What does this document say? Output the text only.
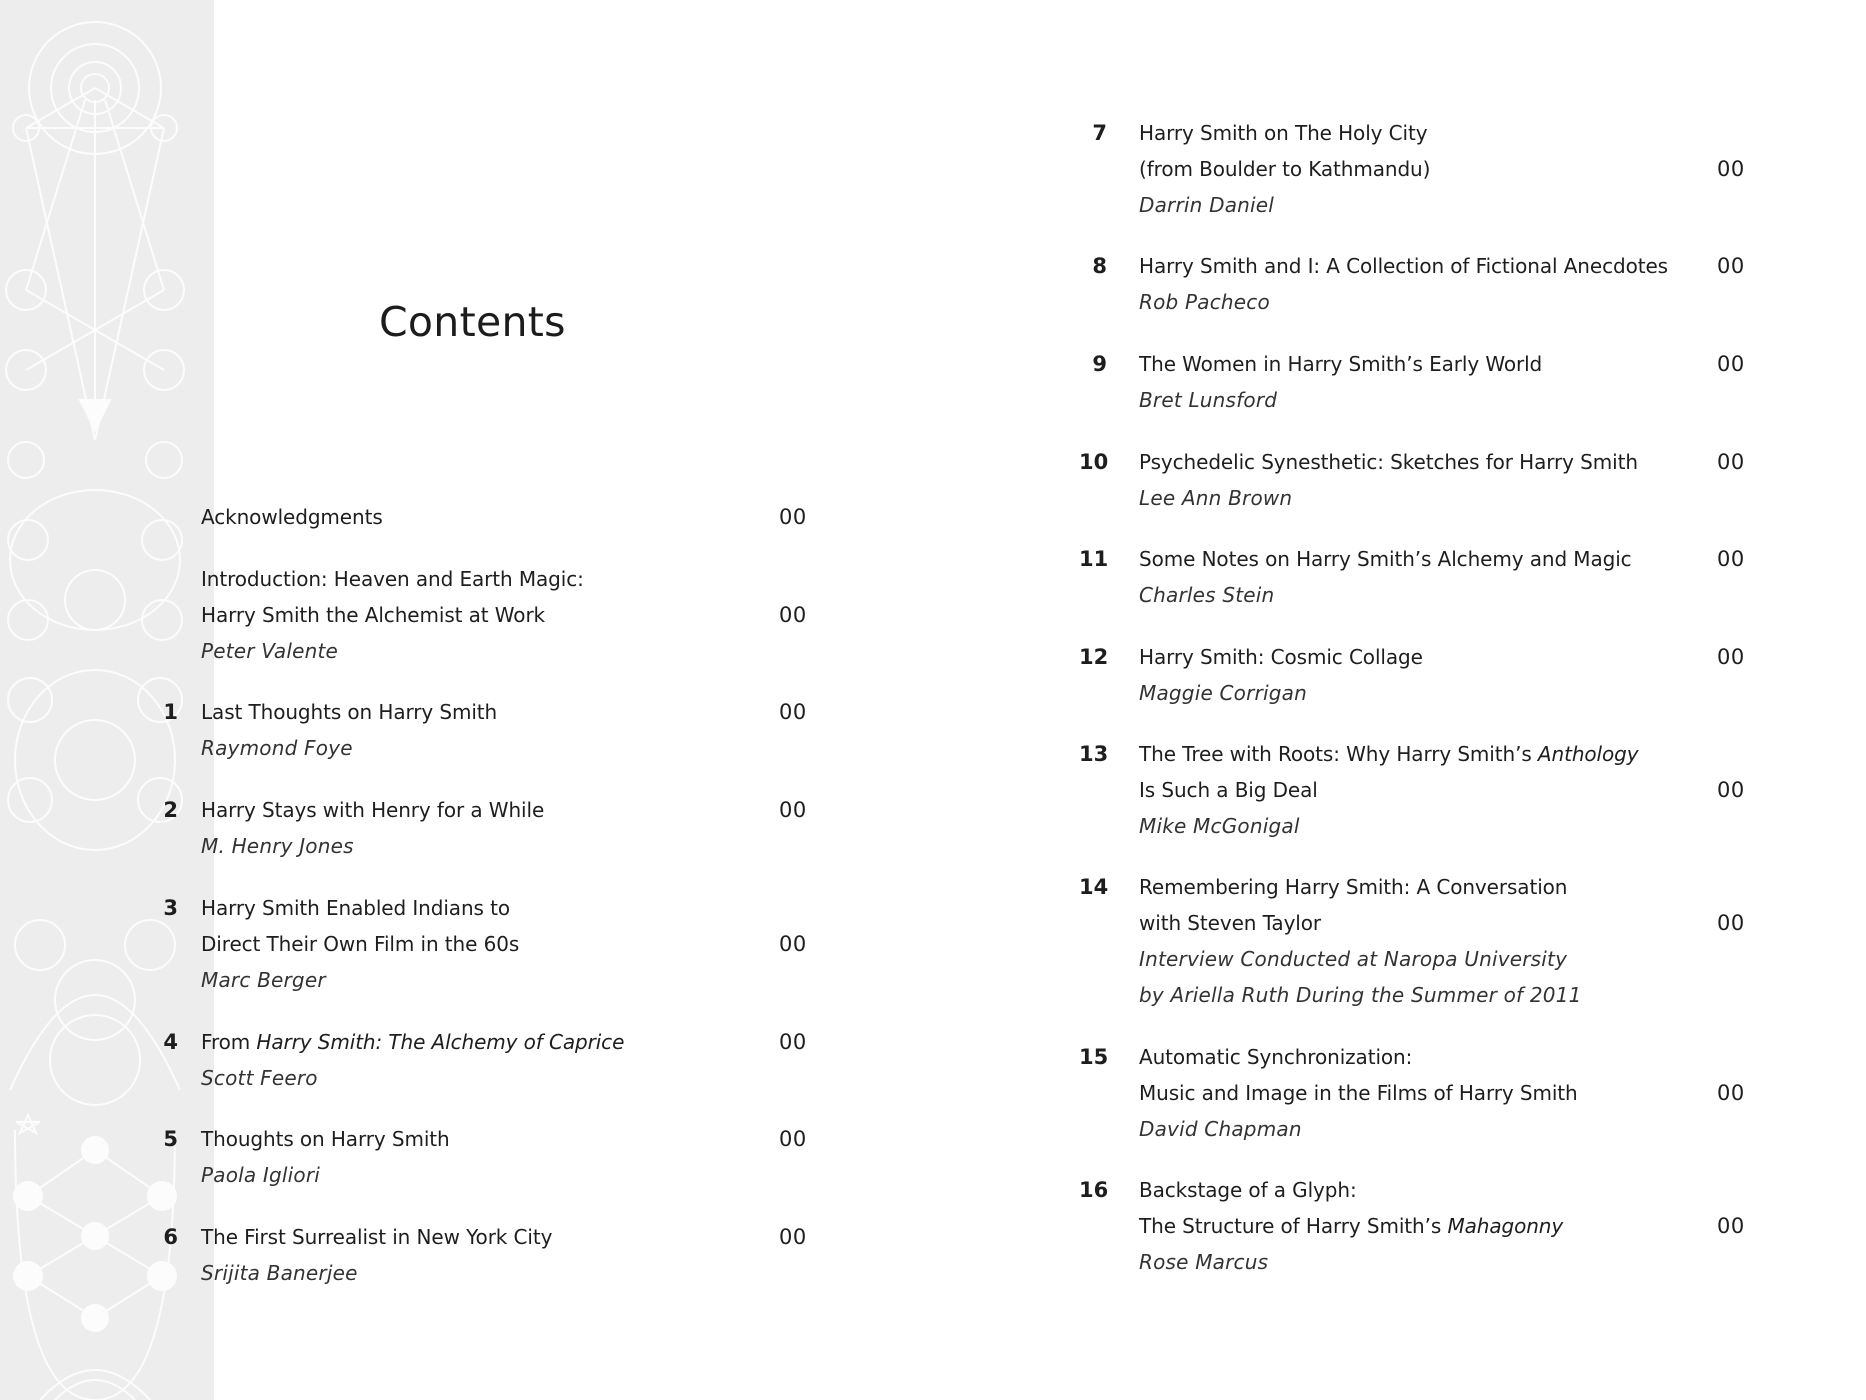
Contents
Acknowledgments	00
Introduction: Heaven and Earth Magic:
Harry Smith the Alchemist at Work
Peter Valente
00
1 Last Thoughts on Harry Smith
Raymond Foye
00
2 Harry Stays with Henry for a While
M. Henry Jones
00
3 Harry Smith Enabled Indians to
Direct Their Own Film in the 60s
Marc Berger
00
4 From Harry Smith: The Alchemy of Caprice
Scott Feero
00
5 Thoughts on Harry Smith
Paola Igliori
00
6 The First Surrealist in New York City
Srijita Banerjee
00
7 Harry Smith on The Holy City
(from Boulder to Kathmandu)
Darrin Daniel
00
8 Harry Smith and I: A Collection of Fictional Anecdotes
Rob Pacheco
00
9 The Women in Harry Smith’s Early World
Bret Lunsford
00
10 Psychedelic Synesthetic: Sketches for Harry Smith
Lee Ann Brown
00
11 Some Notes on Harry Smith’s Alchemy and Magic
Charles Stein
00
12 Harry Smith: Cosmic Collage
Maggie Corrigan
00
13 The Tree with Roots: Why Harry Smith’s Anthology
Is Such a Big Deal
Mike McGonigal
00
14 Remembering Harry Smith: A Conversation
with Steven Taylor
Interview Conducted at Naropa University
by Ariella Ruth During the Summer of 2011
00
15 Automatic Synchronization:
Music and Image in the Films of Harry Smith
David Chapman
00
16 Backstage of a Glyph:
The Structure of Harry Smith’s Mahagonny
Rose Marcus
00
